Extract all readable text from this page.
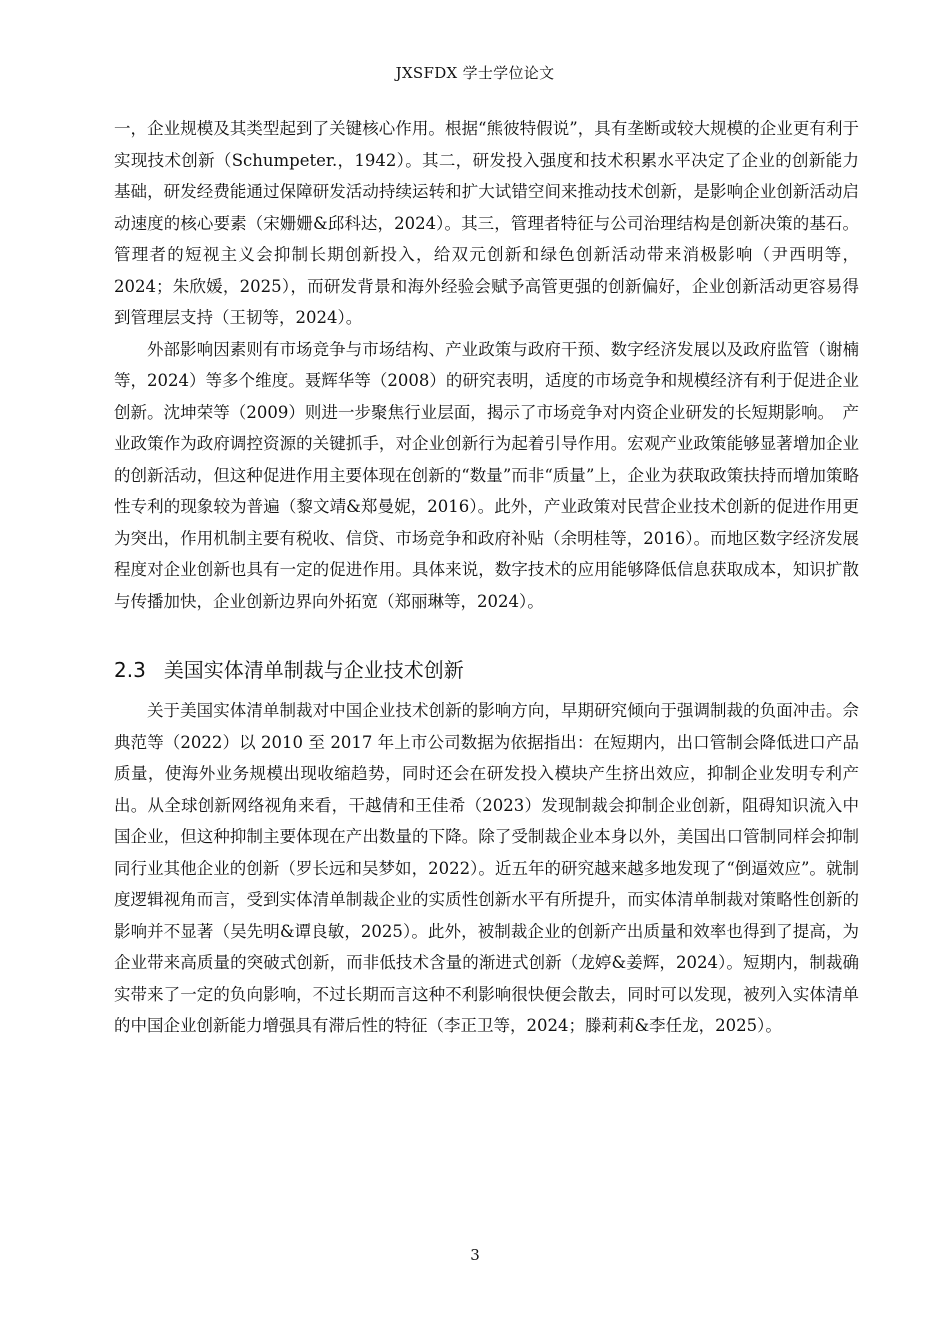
JXSFDX 学士学位论文

一，企业规模及其类型起到了关键核心作用。根据“熊彼特假说”，具有垄断或较大规模的企业更有利于实现技术创新（Schumpeter.，1942）。其二，研发投入强度和技术积累水平决定了企业的创新能力基础，研发经费能通过保障研发活动持续运转和扩大试错空间来推动技术创新，是影响企业创新活动启动速度的核心要素（宋姗姗&邱科达，2024）。其三，管理者特征与公司治理结构是创新决策的基石。管理者的短视主义会抑制长期创新投入，给双元创新和绿色创新活动带来消极影响（尹西明等，2024；朱欣媛，2025），而研发背景和海外经验会赋予高管更强的创新偏好，企业创新活动更容易得到管理层支持（王韧等，2024）。

外部影响因素则有市场竞争与市场结构、产业政策与政府干预、数字经济发展以及政府监管（谢楠等，2024）等多个维度。聂辉华等（2008）的研究表明，适度的市场竞争和规模经济有利于促进企业创新。沈坤荣等（2009）则进一步聚焦行业层面，揭示了市场竞争对内资企业研发的长短期影响。　产业政策作为政府调控资源的关键抓手，对企业创新行为起着引导作用。宏观产业政策能够显著增加企业的创新活动，但这种促进作用主要体现在创新的“数量”而非“质量”上，企业为获取政策扶持而增加策略性专利的现象较为普遍（黎文靖&郑曼妮，2016）。此外，产业政策对民营企业技术创新的促进作用更为突出，作用机制主要有税收、信贷、市场竞争和政府补贴（余明桂等，2016）。而地区数字经济发展程度对企业创新也具有一定的促进作用。具体来说，数字技术的应用能够降低信息获取成本，知识扩散与传播加快，企业创新边界向外拓宽（郑丽琳等，2024）。

2.3 美国实体清单制裁与企业技术创新

关于美国实体清单制裁对中国企业技术创新的影响方向，早期研究倾向于强调制裁的负面冲击。佘典范等（2022）以 2010 至 2017 年上市公司数据为依据指出：在短期内，出口管制会降低进口产品质量，使海外业务规模出现收缩趋势，同时还会在研发投入模块产生挤出效应，抑制企业发明专利产出。从全球创新网络视角来看，干越倩和王佳希（2023）发现制裁会抑制企业创新，阻碍知识流入中国企业，但这种抑制主要体现在产出数量的下降。除了受制裁企业本身以外，美国出口管制同样会抑制同行业其他企业的创新（罗长远和吴梦如，2022）。近五年的研究越来越多地发现了“倒逼效应”。就制度逻辑视角而言，受到实体清单制裁企业的实质性创新水平有所提升，而实体清单制裁对策略性创新的影响并不显著（吴先明&谭良敏，2025）。此外，被制裁企业的创新产出质量和效率也得到了提高，为企业带来高质量的突破式创新，而非低技术含量的渐进式创新（龙婷&姜辉，2024）。短期内，制裁确实带来了一定的负向影响，不过长期而言这种不利影响很快便会散去，同时可以发现，被列入实体清单的中国企业创新能力增强具有滞后性的特征（李正卫等，2024；滕莉莉&李任龙，2025）。

3
